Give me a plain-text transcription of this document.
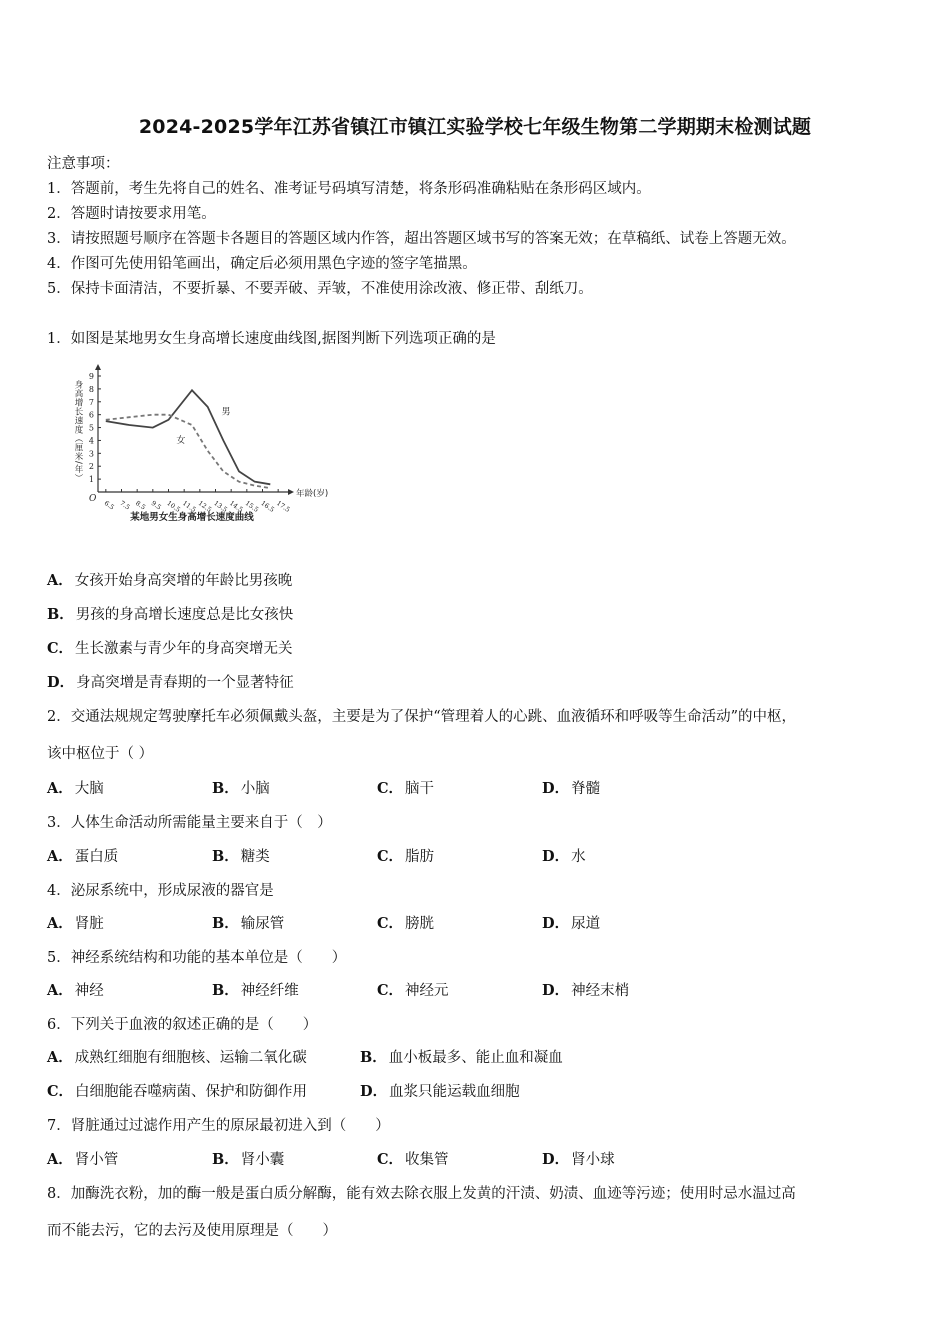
2024-2025学年江苏省镇江市镇江实验学校七年级生物第二学期期末检测试题
注意事项：
1．答题前，考生先将自己的姓名、准考证号码填写清楚，将条形码准确粘贴在条形码区域内。
2．答题时请按要求用笔。
3．请按照题号顺序在答题卡各题目的答题区域内作答，超出答题区域书写的答案无效；在草稿纸、试卷上答题无效。
4．作图可先使用铅笔画出，确定后必须用黑色字迹的签字笔描黑。
5．保持卡面清洁，不要折暴、不要弄破、弄皱，不准使用涂改液、修正带、刮纸刀。
1．如图是某地男女生身高增长速度曲线图,据图判断下列选项正确的是
1
2
3
4
5
6
7
8
9
O
6.5 7.5 8.5 9.5 10.5 11.5 12.5 13.5 14.5 15.5 16.5 17.5
年龄(岁)
身高增长速度（厘米/年）
某地男女生身高增长速度曲线
男
女
A． 女孩开始身高突增的年龄比男孩晚
B． 男孩的身高增长速度总是比女孩快
C． 生长激素与青少年的身高突增无关
D． 身高突增是青春期的一个显著特征
2．交通法规规定驾驶摩托车必须佩戴头盔，主要是为了保护“管理着人的心跳、血液循环和呼吸等生命活动”的中枢，
该中枢位于（ ）
A． 大脑	B． 小脑	C． 脑干	D． 脊髓
3．人体生命活动所需能量主要来自于（　）
A． 蛋白质	B． 糖类	C． 脂肪	D． 水
4．泌尿系统中，形成尿液的器官是
A． 肾脏	B． 输尿管	C． 膀胱	D． 尿道
5．神经系统结构和功能的基本单位是（　　）
A． 神经	B． 神经纤维	C． 神经元	D． 神经末梢
6．下列关于血液的叙述正确的是（　　）
A． 成熟红细胞有细胞核、运输二氧化碳	B． 血小板最多、能止血和凝血
C． 白细胞能吞噬病菌、保护和防御作用	D． 血浆只能运载血细胞
7．肾脏通过过滤作用产生的原尿最初进入到（　　）
A． 肾小管	B． 肾小囊	C． 收集管	D． 肾小球
8．加酶洗衣粉，加的酶一般是蛋白质分解酶，能有效去除衣服上发黄的汗渍、奶渍、血迹等污迹；使用时忌水温过高
而不能去污，它的去污及使用原理是（　　）
